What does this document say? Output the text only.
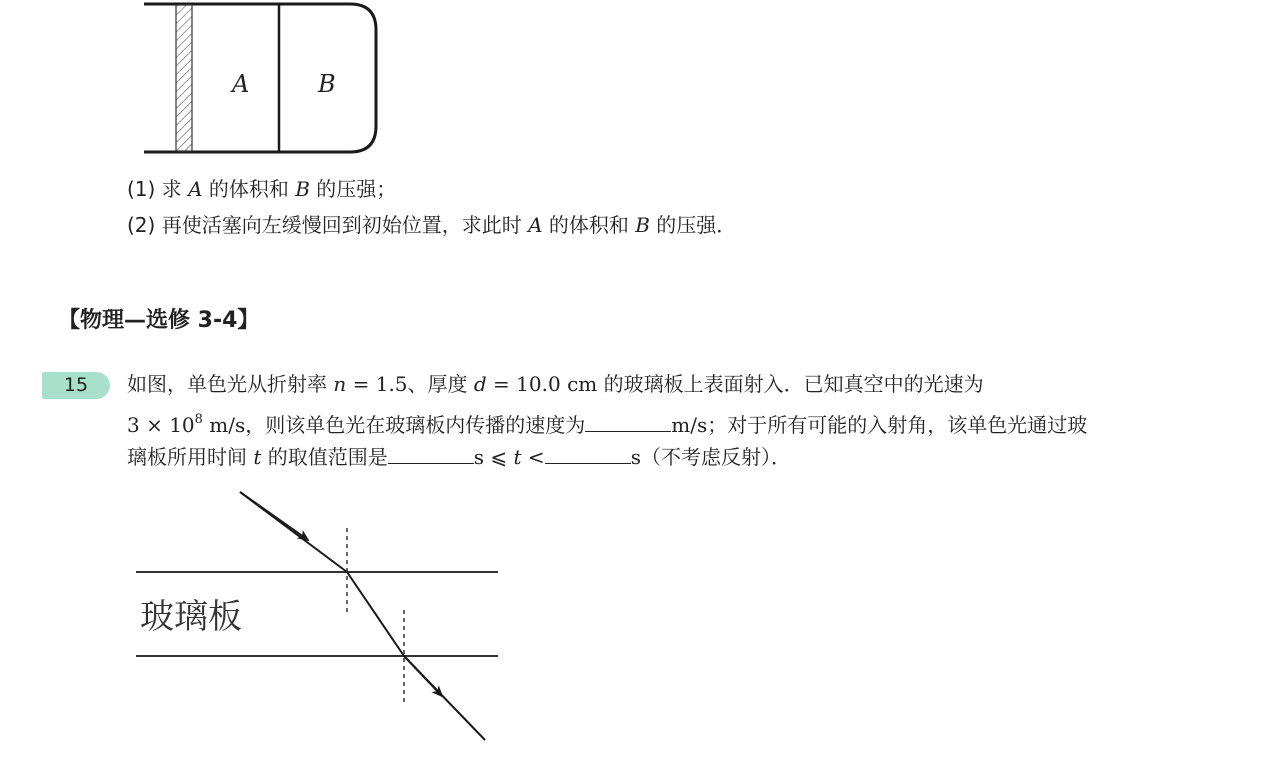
A	B
(1) 求 A 的体积和 B 的压强；
(2) 再使活塞向左缓慢回到初始位置，求此时 A 的体积和 B 的压强．
【物理—选修 3-4】
15	如图，单色光从折射率 n = 1.5、厚度 d = 10.0 cm 的玻璃板上表面射入．已知真空中的光速为
$3 \times 10^8$ m/s，则该单色光在玻璃板内传播的速度为	m/s；对于所有可能的入射角，该单色光通过玻
璃板所用时间 t 的取值范围是	s ⩽ t <	s（不考虑反射）．
玻璃板
